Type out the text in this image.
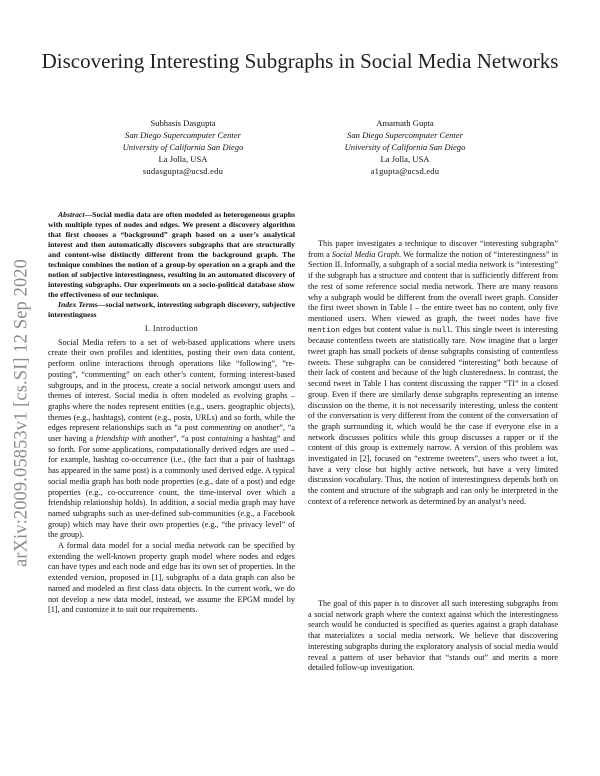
Discovering Interesting Subgraphs in Social Media Networks
Subhasis Dasgupta
San Diego Supercomputer Center
University of California San Diego
La Jolla, USA
sudasgupta@ucsd.edu
Amarnath Gupta
San Diego Supercomputer Center
University of California San Diego
La Jolla, USA
a1gupta@ucsd.edu
arXiv:2009.05853v1 [cs.SI] 12 Sep 2020

Abstract—Social media data are often modeled as heterogeneous graphs with multiple types of nodes and edges. We present a discovery algorithm that first chooses a “background” graph based on a user’s analytical interest and then automatically discovers subgraphs that are structurally and content-wise distinctly different from the background graph. The technique combines the notion of a group-by operation on a graph and the notion of subjective interestingness, resulting in an automated discovery of interesting subgraphs. Our experiments on a socio-political database show the effectiveness of our technique.

Index Terms—social network, interesting subgraph discovery, subjective interestingness

I. Introduction

Social Media refers to a set of web-based applications where users create their own profiles and identities, posting their own data content, perform online interactions through operations like “following”, ”re-posting”, “commenting” on each other’s content, forming interest-based subgroups, and in the process, create a social network amongst users and themes of interest. Social media is often modeled as evolving graphs – graphs where the nodes represent entities (e.g., users. geographic objects), themes (e.g., hashtags), content (e.g., posts, URLs) and so forth, while the edges represent relationships such as “a post commenting on another”, “a user having a friendship with another”, “a post containing a hashtag” and so forth. For some applications, computationally derived edges are used – for example, hashtag co-occurrence (i.e., (the fact that a pair of hashtags has appeared in the same post) is a commonly used derived edge. A typical social media graph has both node properties (e.g., date of a post) and edge properties (e.g., co-occurrence count, the time-interval over which a friendship relationship holds). In addition, a social media graph may have named subgraphs such as user-defined sub-communities (e.g., a Facebook group) which may have their own properties (e.g., “the privacy level” of the group).

A formal data model for a social media network can be specified by extending the well-known property graph model where nodes and edges can have types and each node and edge has its own set of properties. In the extended version, proposed in [1], subgraphs of a data graph can also be named and modeled as first class data objects. In the current work, we do not develop a new data model, instead, we assume the EPGM model by [1], and customize it to suit our requirements.

This paper investigates a technique to discover “interesting subgraphs” from a Social Media Graph. We formalize the notion of “interestingness” in Section II. Informally, a subgraph of a social media network is “interesting” if the subgraph has a structure and content that is sufficiently different from the rest of some reference social media network. There are many reasons why a subgraph would be different from the overall tweet graph. Consider the first tweet shown in Table I – the entire tweet has no content, only five mentioned users. When viewed as graph, the tweet nodes have five mention edges but content value is null. This single tweet is interesting because contentless tweets are statistically rare. Now imagine that a larger tweet graph has small pockets of dense subgraphs consisting of contentless tweets. These subgraphs can be considered “interesting” both because of their lack of content and because of the high clusteredness. In contrast, the second tweet in Table I has content discussing the rapper “TI” in a closed group. Even if there are similarly dense subgraphs representing an intense discussion on the theme, it is not necessarily interesting, unless the content of the conversation is very different from the content of the conversation of the graph surrounding it, which would be the case if everyone else in a network discusses politics while this group discusses a rapper or if the content of this group is extremely narrow. A version of this problem was investigated in [2], focused on “extreme tweeters”, users who tweet a lot, have a very close but highly active network, but have a very limited discussion vocabulary. Thus, the notion of interestingness depends both on the content and structure of the subgraph and can only be interpreted in the context of a reference network as determined by an analyst’s need.

The goal of this paper is to discover all such interesting subgraphs from a social network graph where the context against which the interestingness search would be conducted is specified as queries against a graph database that materializes a social media network. We believe that discovering interesting subgraphs during the exploratory analysis of social media would reveal a pattern of user behavior that “stands out” and merits a more detailed follow-up investigation.
